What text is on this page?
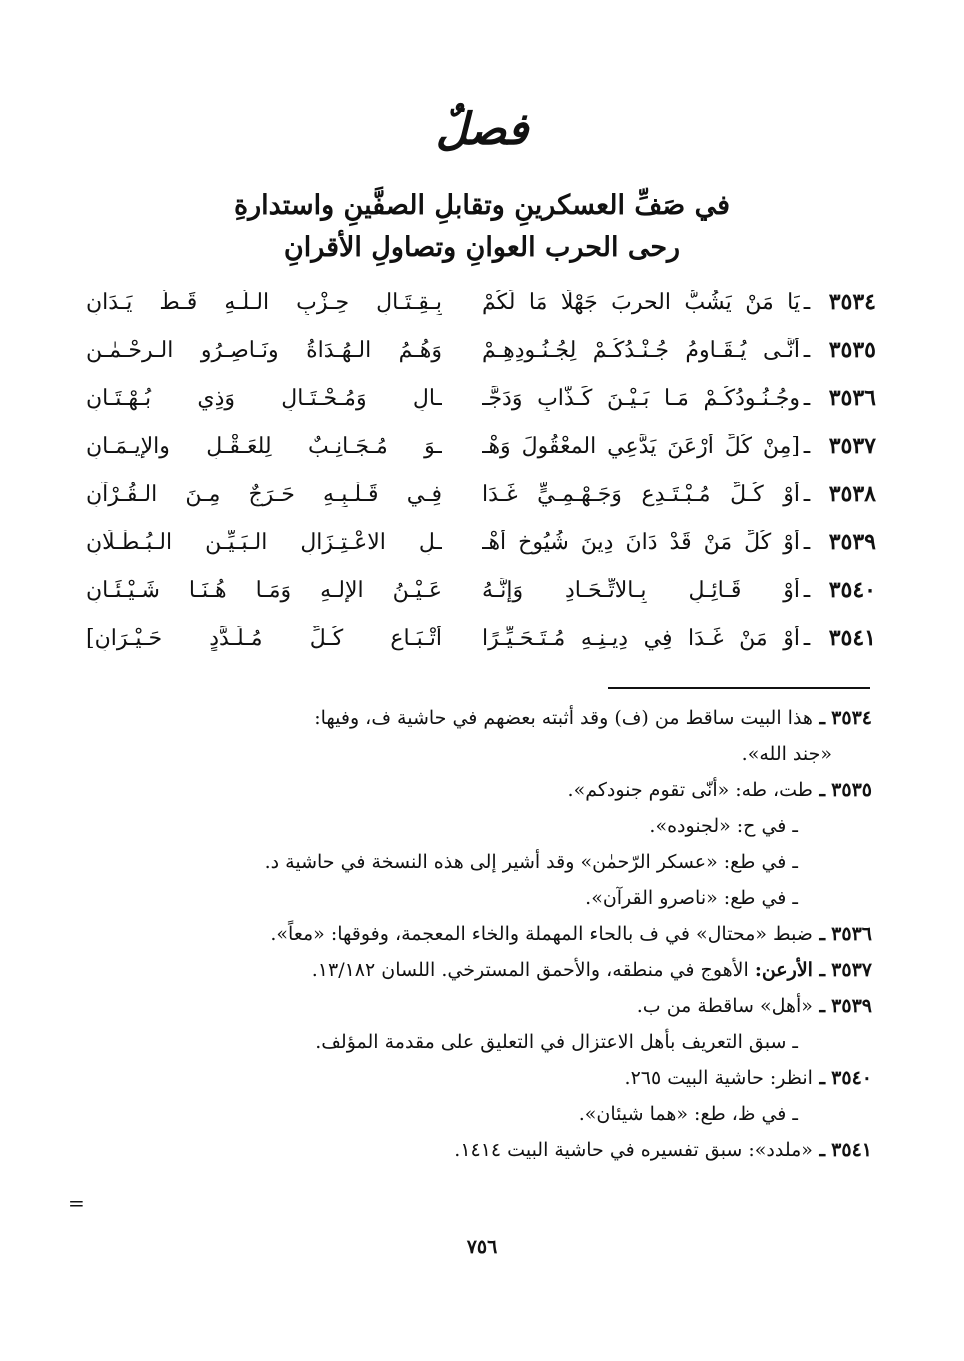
فصلٌ
في صَفِّ العسكرينِ وتقابلِ الصفَّينِ واستدارةِ
رحى الحرب العوانِ وتصاولِ الأقرانِ
٣٥٣٤
ـ
يَا مَنْ يَشُبُّ الحربَ جَهْلًا مَا لَكُمْ
بِـقِـتَـالِ حِـزْبِ الـلَّـهِ قَـطُّ يَـدَانِ
٣٥٣٥
ـ
أنَّـى يُـقَـاوِمُ جُـنْـدُكُـمْ لِجُـنُـودِهِـمْ
وَهُـمُ الـهُـدَاةُ ونَـاصِـرُو الـرحْـمٰـنِ
٣٥٣٦
ـ
وجُـنُـودُكُـمْ مَـا بَـيْـنَ كَـذَّابٍ وَدَجَّـ
ـالٍ وَمُـحْـتَـالٍ وَذِي بُـهْـتَـانِ
٣٥٣٧
ـ
[مِنْ كُلِّ أَرْعَنَ يَدَّعِي المعْقُولَ وَهْـ
ـوَ مُـجَـانِـبٌ لِلعَـقْـلِ والإيـمَـانِ
٣٥٣٨
ـ
أوْ كُـلِّ مُـبْـتَـدِعٍ وَجَـهْـمِـيٍّ غَـدَا
فِـي قَـلْـبِـهِ حَـرَجٌ مِـنَ الـقُـرْآنِ
٣٥٣٩
ـ
أوْ كُلِّ مَنْ قَدْ دَانَ دِينَ شُيُوخِ أَهْـ
ـلِ الاعْـتِـزَالِ الـبَـيِّـنِ الـبُـطْـلَانِ
٣٥٤٠
ـ
أَوْ قَـائِـلٍ بِـالاتِّـحَـادِ وَإِنَّـهُ
عَـيْـنُ الإلـهِ وَمَـا هُـنَـا شَـيْـئَـانِ
٣٥٤١
ـ
أوْ مَنْ غَـدَا فِي دِيـنِـهِ مُـتَـحَـيِّـرًا
أَتْـبَـاعِ كُـلِّ مُـلَـدَّدٍ حَـيْـرَانِ]
٣٥٣٤ ـ هذا البيت ساقط من (ف) وقد أثبته بعضهم في حاشية ف، وفيها:
«جند الله».
٣٥٣٥ ـ طت، طه: «أنّى تقوم جنودكم».
ـ في ح: «لجنوده».
ـ في طع: «عسكر الرّحمٰن» وقد أشير إلى هذه النسخة في حاشية د.
ـ في طع: «ناصرو القرآن».
٣٥٣٦ ـ ضبط «محتال» في ف بالحاء المهملة والخاء المعجمة، وفوقها: «معاً».
٣٥٣٧ ـ الأرعن: الأهوج في منطقه، والأحمق المسترخي. اللسان ١٣/١٨٢.
٣٥٣٩ ـ «أهل» ساقطة من ب.
ـ سبق التعريف بأهل الاعتزال في التعليق على مقدمة المؤلف.
٣٥٤٠ ـ انظر: حاشية البيت ٢٦٥.
ـ في ظ، طع: «هما شيئان».
٣٥٤١ ـ «ملدد»: سبق تفسيره في حاشية البيت ١٤١٤.
=
٧٥٦
